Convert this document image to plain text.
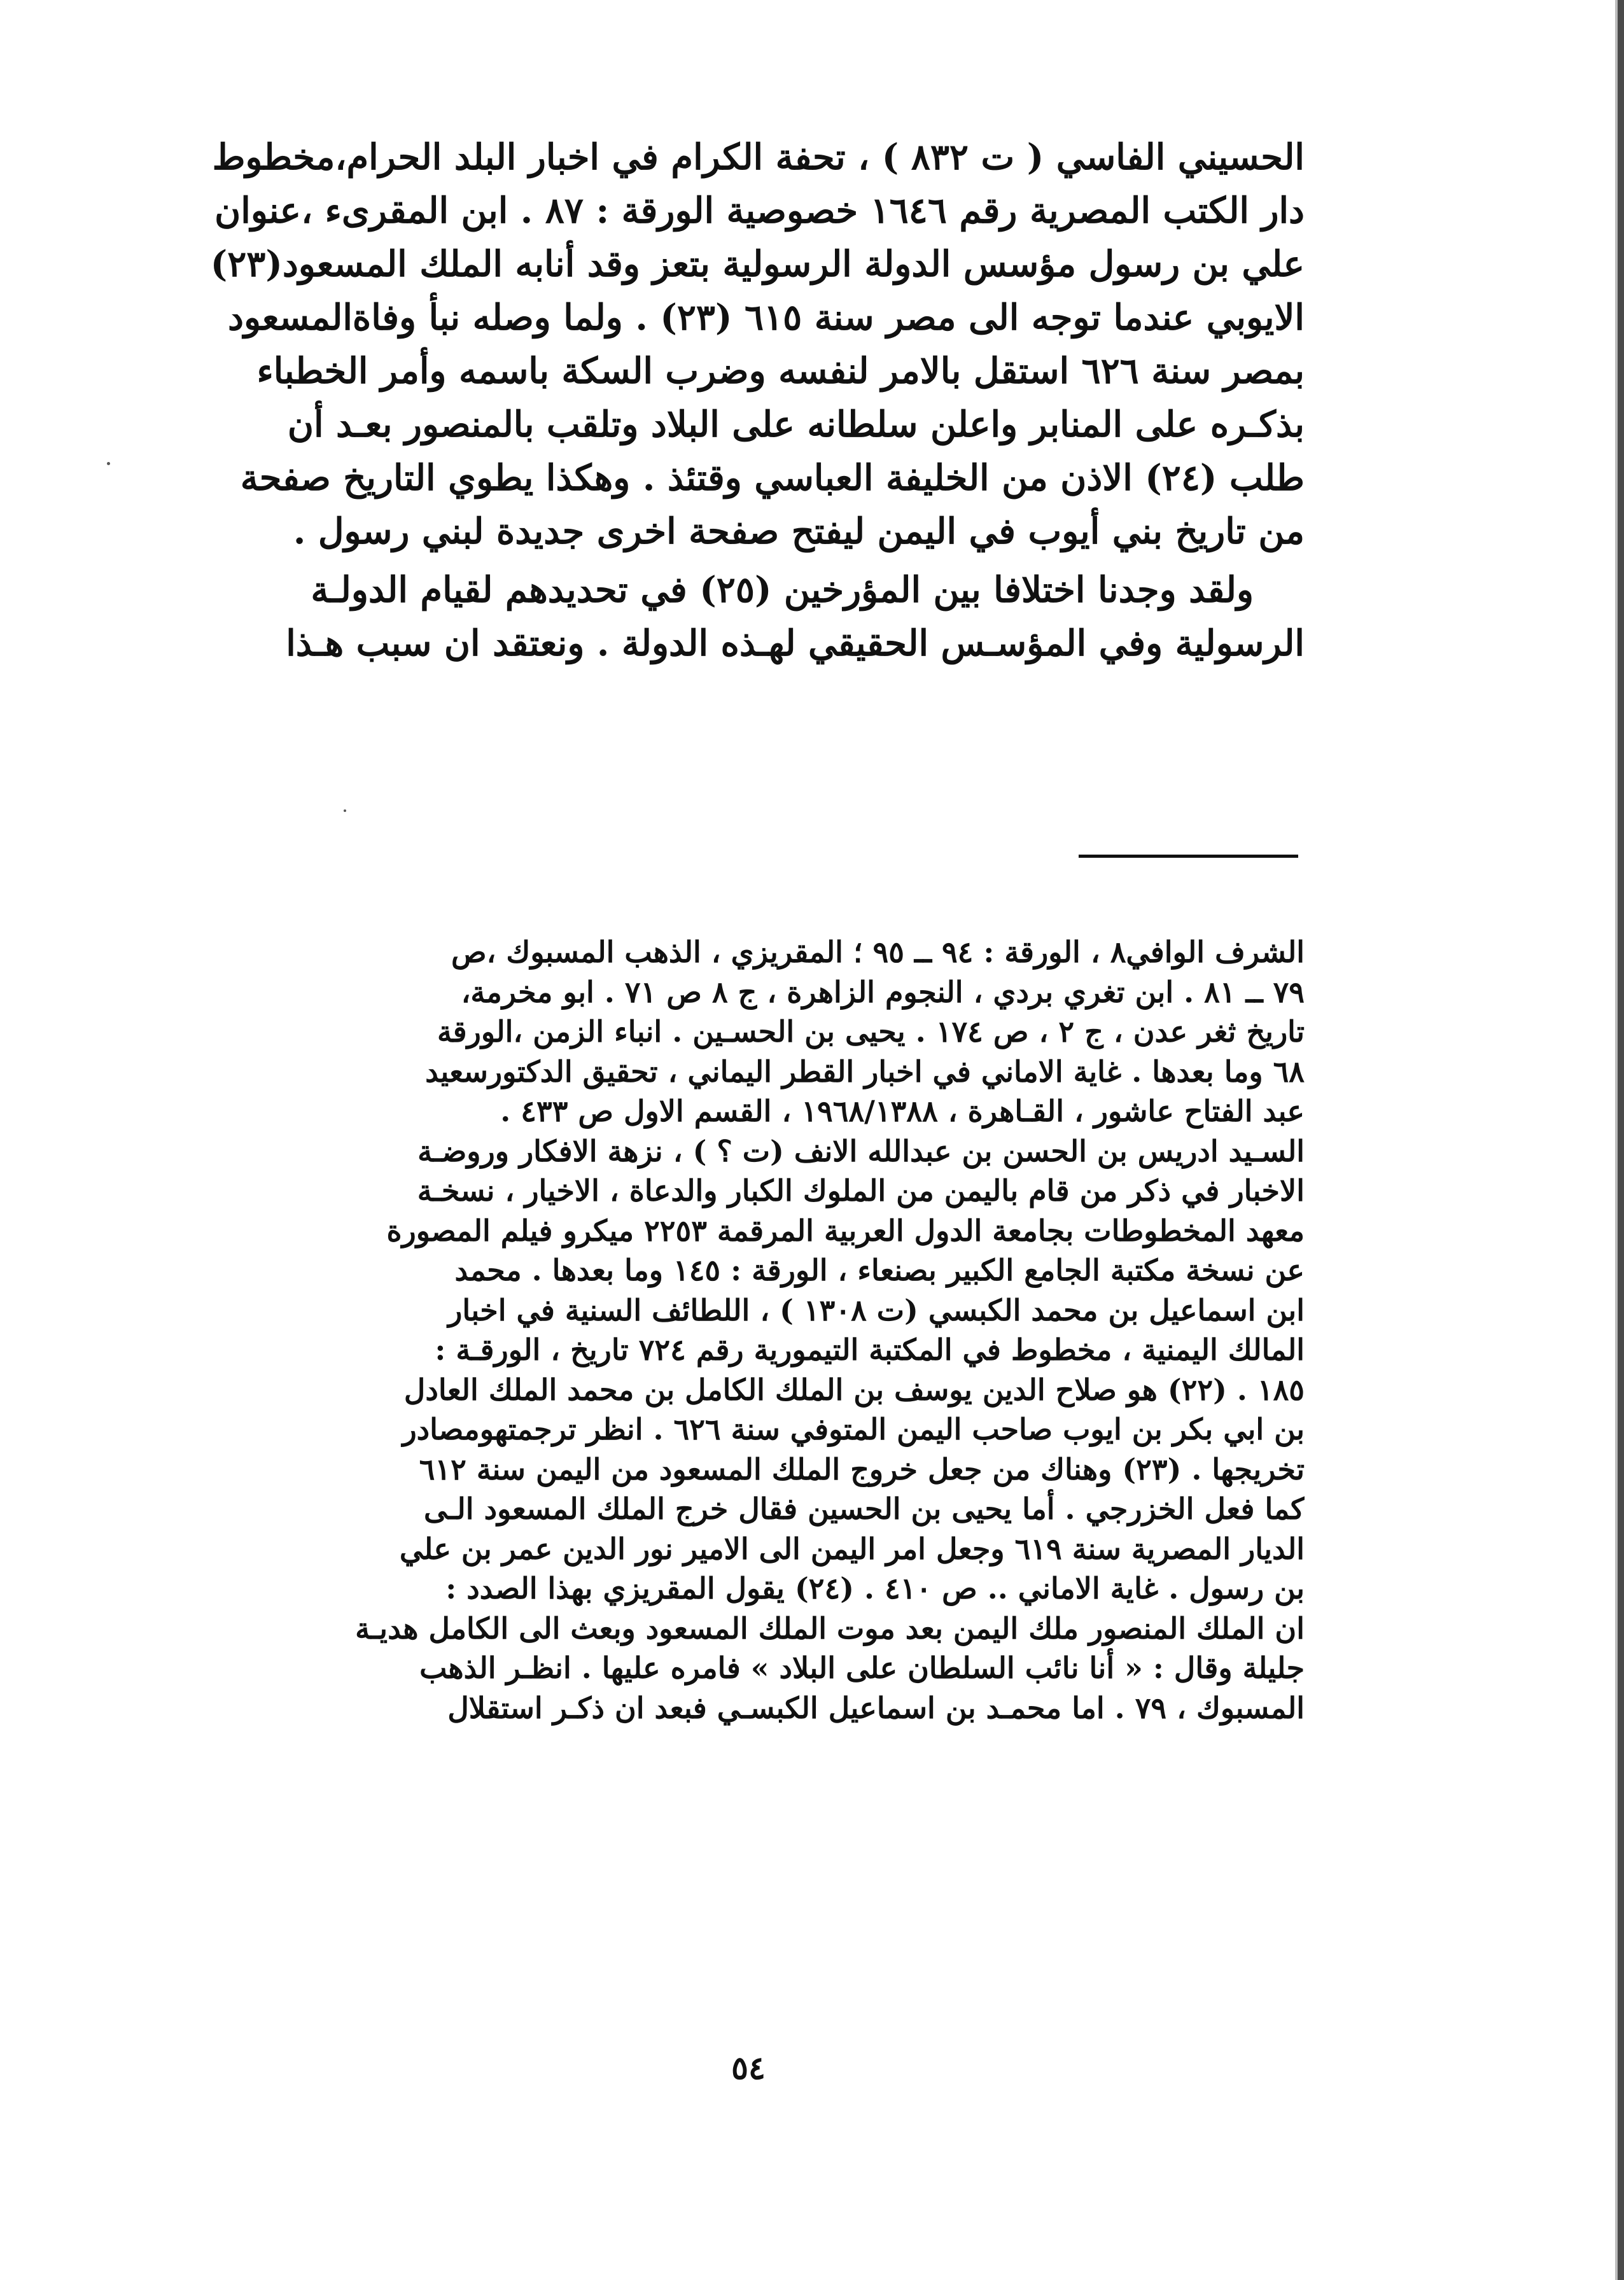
الحسيني الفاسي ( ت ٨٣٢ ) ، تحفة الكرام في اخبار البلد الحرام،مخطوط
دار الكتب المصرية رقم ١٦٤٦ خصوصية الورقة : ٨٧ . ابن المقرىء ،عنوان
علي بن رسول مؤسس الدولة الرسولية بتعز وقد أنابه الملك المسعود(٢٣)
الايوبي عندما توجه الى مصر سنة ٦١٥ (٢٣) . ولما وصله نبأ وفاةالمسعود
بمصر سنة ٦٢٦ استقل بالامر لنفسه وضرب السكة باسمه وأمر الخطباء
بذكـره على المنابر واعلن سلطانه على البلاد وتلقب بالمنصور بعـد أن
طلب (٢٤) الاذن من الخليفة العباسي وقتئذ . وهكذا يطوي التاريخ صفحة
من تاريخ بني أيوب في اليمن ليفتح صفحة اخرى جديدة لبني رسول .
ولقد وجدنا اختلافا بين المؤرخين (٢٥) في تحديدهم لقيام الدولـة
الرسولية وفي المؤسـس الحقيقي لهـذه الدولة . ونعتقد ان سبب هـذا
الشرف الوافي٨ ، الورقة : ٩٤ ــ ٩٥ ؛ المقريزي ، الذهب المسبوك ،ص
٧٩ ــ ٨١ . ابن تغري بردي ، النجوم الزاهرة ، ج ٨ ص ٧١ . ابو مخرمة،
تاريخ ثغر عدن ، ج ٢ ، ص ١٧٤ . يحيى بن الحسـين . انباء الزمن ،الورقة
٦٨ وما بعدها . غاية الاماني في اخبار القطر اليماني ، تحقيق الدكتورسعيد
عبد الفتاح عاشور ، القـاهرة ، ١٩٦٨/١٣٨٨ ، القسم الاول ص ٤٣٣ .
السـيد ادريس بن الحسن بن عبدالله الانف (ت ؟ ) ، نزهة الافكار وروضـة
الاخبار في ذكر من قام باليمن من الملوك الكبار والدعاة ، الاخيار ، نسخـة
معهد المخطوطات بجامعة الدول العربية المرقمة ٢٢٥٣ ميكرو فيلم المصورة
عن نسخة مكتبة الجامع الكبير بصنعاء ، الورقة : ١٤٥ وما بعدها . محمد
ابن اسماعيل بن محمد الكبسي (ت ١٣٠٨ ) ، اللطائف السنية في اخبار
المالك اليمنية ، مخطوط في المكتبة التيمورية رقم ٧٢٤ تاريخ ، الورقـة :
١٨٥ . (٢٢) هو صلاح الدين يوسف بن الملك الكامل بن محمد الملك العادل
بن ابي بكر بن ايوب صاحب اليمن المتوفي سنة ٦٢٦ . انظر ترجمتهومصادر
تخريجها . (٢٣) وهناك من جعل خروج الملك المسعود من اليمن سنة ٦١٢
كما فعل الخزرجي . أما يحيى بن الحسين فقال خرج الملك المسعود الـى
الديار المصرية سنة ٦١٩ وجعل امر اليمن الى الامير نور الدين عمر بن علي
بن رسول . غاية الاماني .. ص ٤١٠ . (٢٤) يقول المقريزي بهذا الصدد :
ان الملك المنصور ملك اليمن بعد موت الملك المسعود وبعث الى الكامل هديـة
جليلة وقال : « أنا نائب السلطان على البلاد » فامره عليها . انظـر الذهب
المسبوك ، ٧٩ . اما محمـد بن اسماعيل الكبسـي فبعد ان ذكـر استقلال
٥٤
